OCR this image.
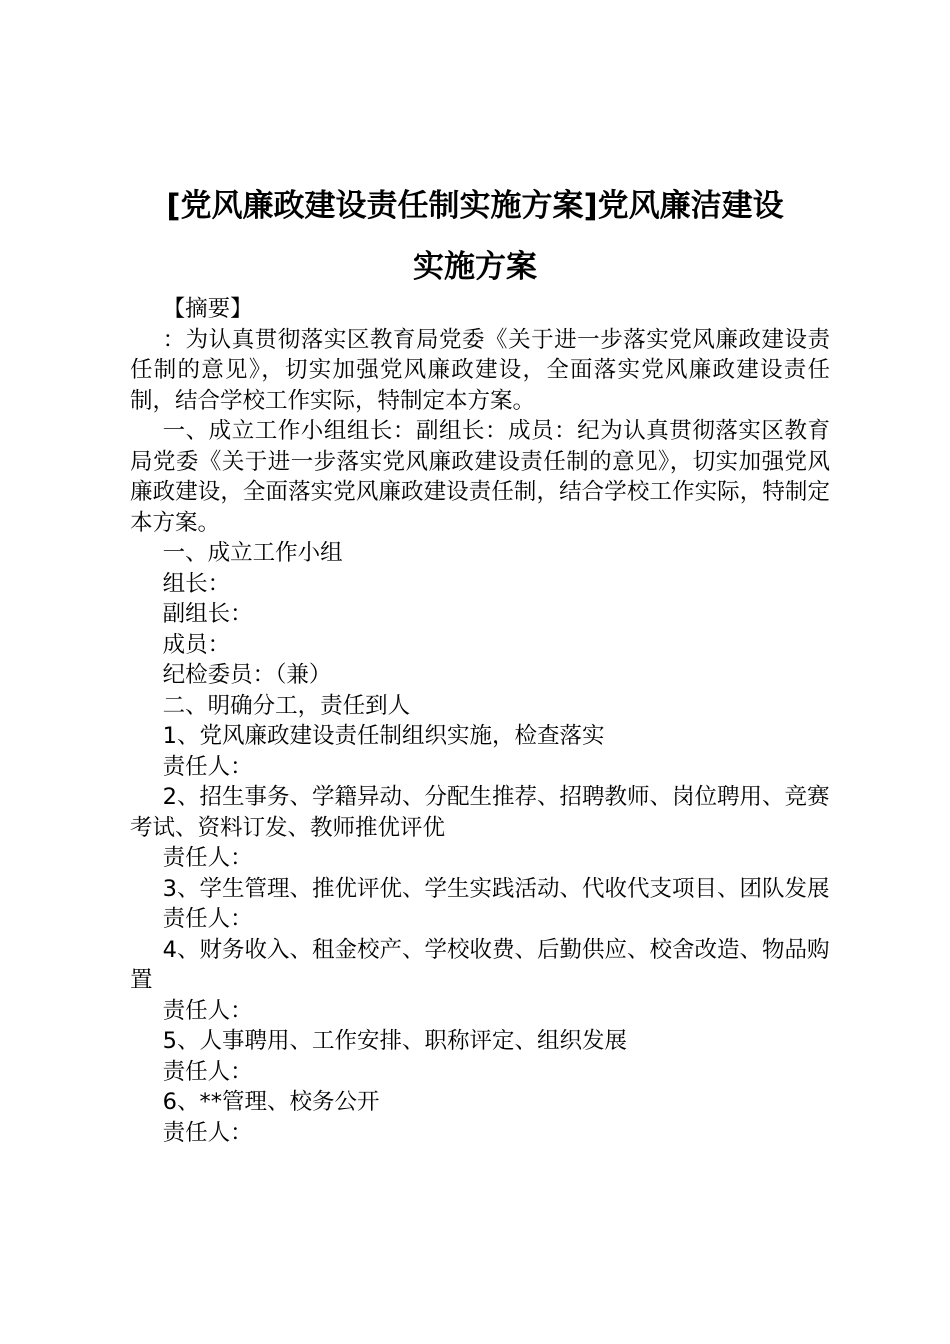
[党风廉政建设责任制实施方案]党风廉洁建设
实施方案

【摘要】

：为认真贯彻落实区教育局党委《关于进一步落实党风廉政建设责任制的意见》，切实加强党风廉政建设，全面落实党风廉政建设责任制，结合学校工作实际，特制定本方案。

一、成立工作小组组长：副组长：成员：纪为认真贯彻落实区教育局党委《关于进一步落实党风廉政建设责任制的意见》，切实加强党风廉政建设，全面落实党风廉政建设责任制，结合学校工作实际，特制定本方案。

一、成立工作小组

组长：

副组长：

成员：

纪检委员：（兼）

二、明确分工，责任到人

1、党风廉政建设责任制组织实施，检查落实

责任人：

2、招生事务、学籍异动、分配生推荐、招聘教师、岗位聘用、竞赛考试、资料订发、教师推优评优

责任人：

3、学生管理、推优评优、学生实践活动、代收代支项目、团队发展

责任人：

4、财务收入、租金校产、学校收费、后勤供应、校舍改造、物品购置

责任人：

5、人事聘用、工作安排、职称评定、组织发展

责任人：

6、**管理、校务公开

责任人：
